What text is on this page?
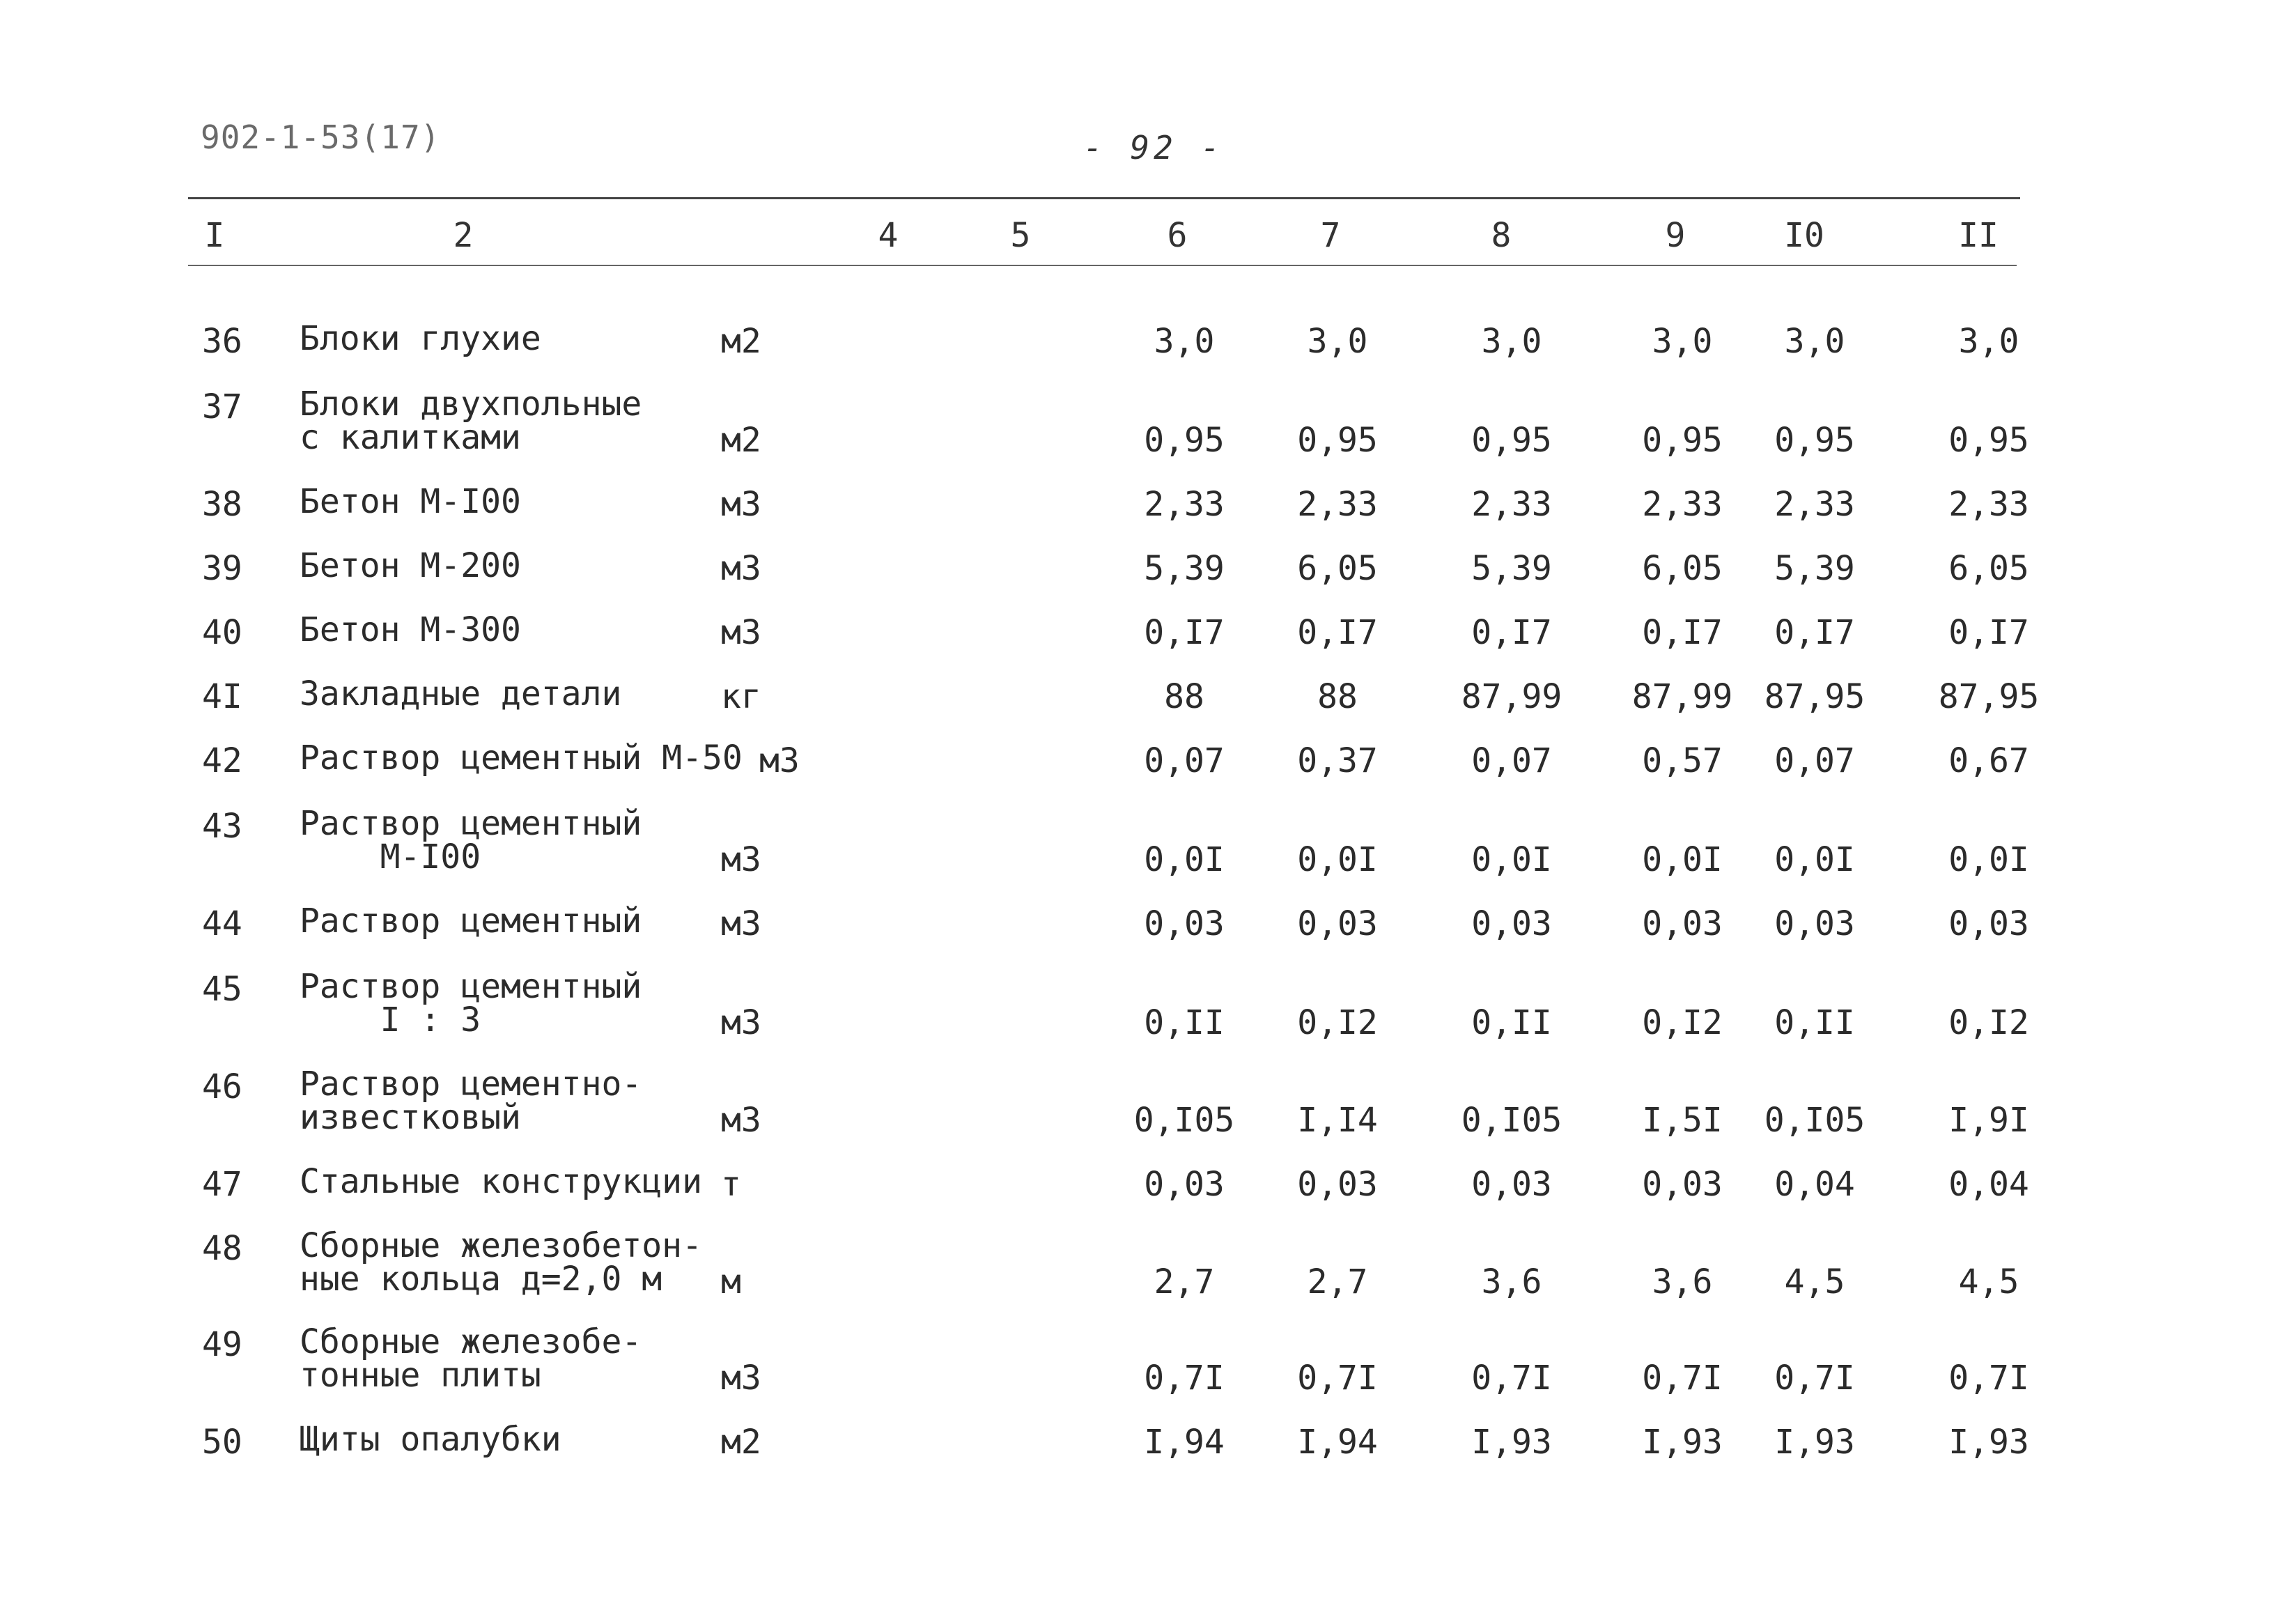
902-1-53(17)	- 92 -
I	2	4	5	6	7	8	9	I0	II
36 Блоки глухие	м2	3,0	3,0	3,0	3,0 3,0	3,0
37 Блоки двухпольные
с калитками	м2	0,95 0,95	0,95	0,95 0,95	0,95
38 Бетон М-I00	м3	2,33 2,33	2,33	2,33 2,33	2,33
39 Бетон М-200	м3	5,39 6,05	5,39	6,05 5,39	6,05
40 Бетон М-300	м3	0,I7 0,I7	0,I7	0,I7 0,I7	0,I7
4I Закладные детали	кг	88	88	87,99 87,99 87,95 87,95
42 Раствор цементный М-50 м3	0,07 0,37	0,07	0,57 0,07	0,67
43 Раствор цементный
М-I00	м3	0,0I 0,0I	0,0I	0,0I 0,0I	0,0I
44 Раствор цементный м3	0,03 0,03	0,03	0,03 0,03	0,03
45 Раствор цементный
I : 3	м3	0,II 0,I2	0,II	0,I2 0,II	0,I2
46 Раствор цементно-
известковый	м3	0,I05 I,I4 0,I05 I,5I 0,I05 I,9I
47 Стальные конструкции т	0,03 0,03	0,03	0,03 0,04	0,04
48 Сборные железобетон-
ные кольца д=2,0 м	м	2,7	2,7	3,6	3,6 4,5	4,5
49 Сборные железобе-
тонные плиты	м3	0,7I 0,7I	0,7I	0,7I 0,7I	0,7I
50 Щиты опалубки	м2	I,94 I,94	I,93	I,93 I,93	I,93
